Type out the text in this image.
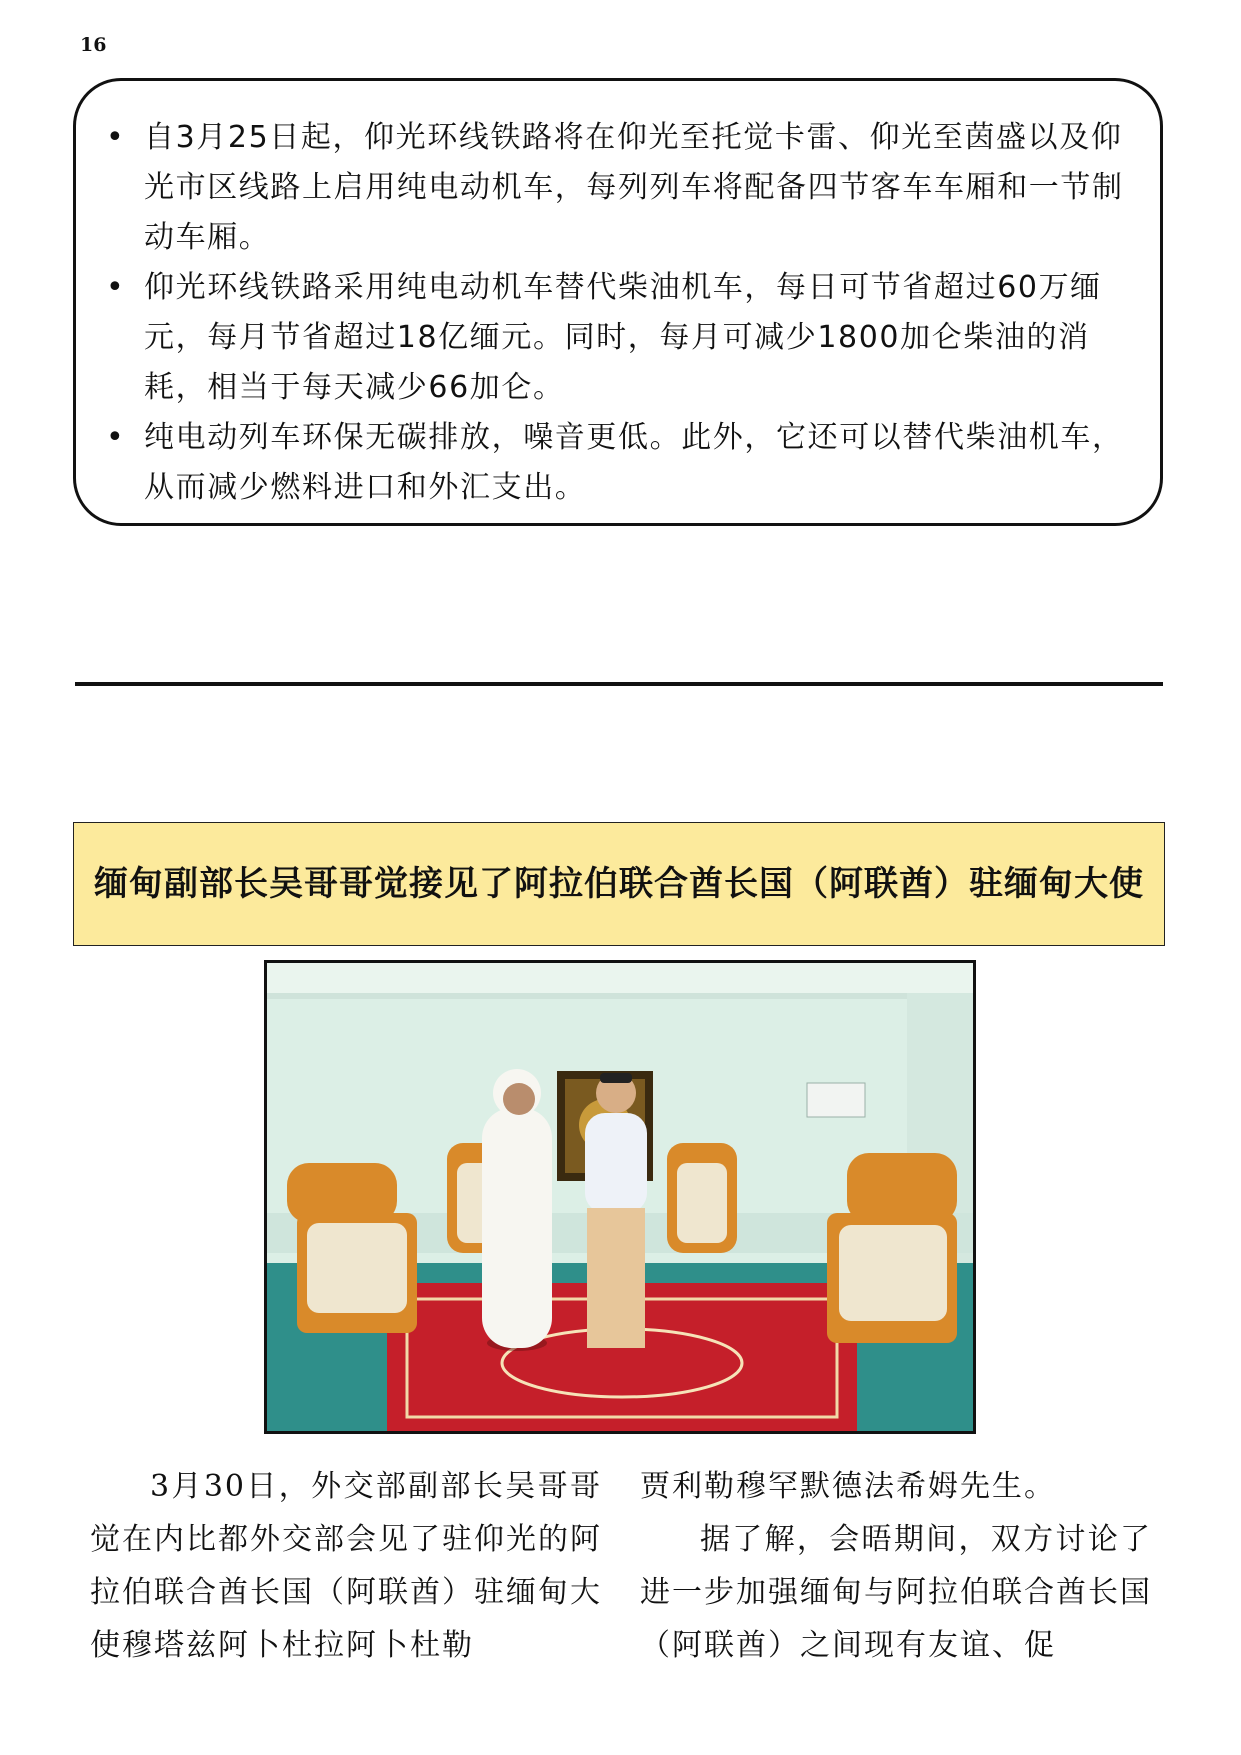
16
• 自3月25日起，仰光环线铁路将在仰光至托觉卡雷、仰光至茵盛以及仰光市区线路上启用纯电动机车，每列列车将配备四节客车车厢和一节制动车厢。
• 仰光环线铁路采用纯电动机车替代柴油机车，每日可节省超过60万缅元，每月节省超过18亿缅元。同时，每月可减少1800加仑柴油的消耗，相当于每天减少66加仑。
• 纯电动列车环保无碳排放，噪音更低。此外，它还可以替代柴油机车，从而减少燃料进口和外汇支出。
缅甸副部长吴哥哥觉接见了阿拉伯联合酋长国（阿联酋）驻缅甸大使

3月30日，外交部副部长吴哥哥觉在内比都外交部会见了驻仰光的阿拉伯联合酋长国（阿联酋）驻缅甸大使穆塔兹阿卜杜拉阿卜杜勒

贾利勒穆罕默德法希姆先生。

据了解，会晤期间，双方讨论了进一步加强缅甸与阿拉伯联合酋长国（阿联酋）之间现有友谊、促
